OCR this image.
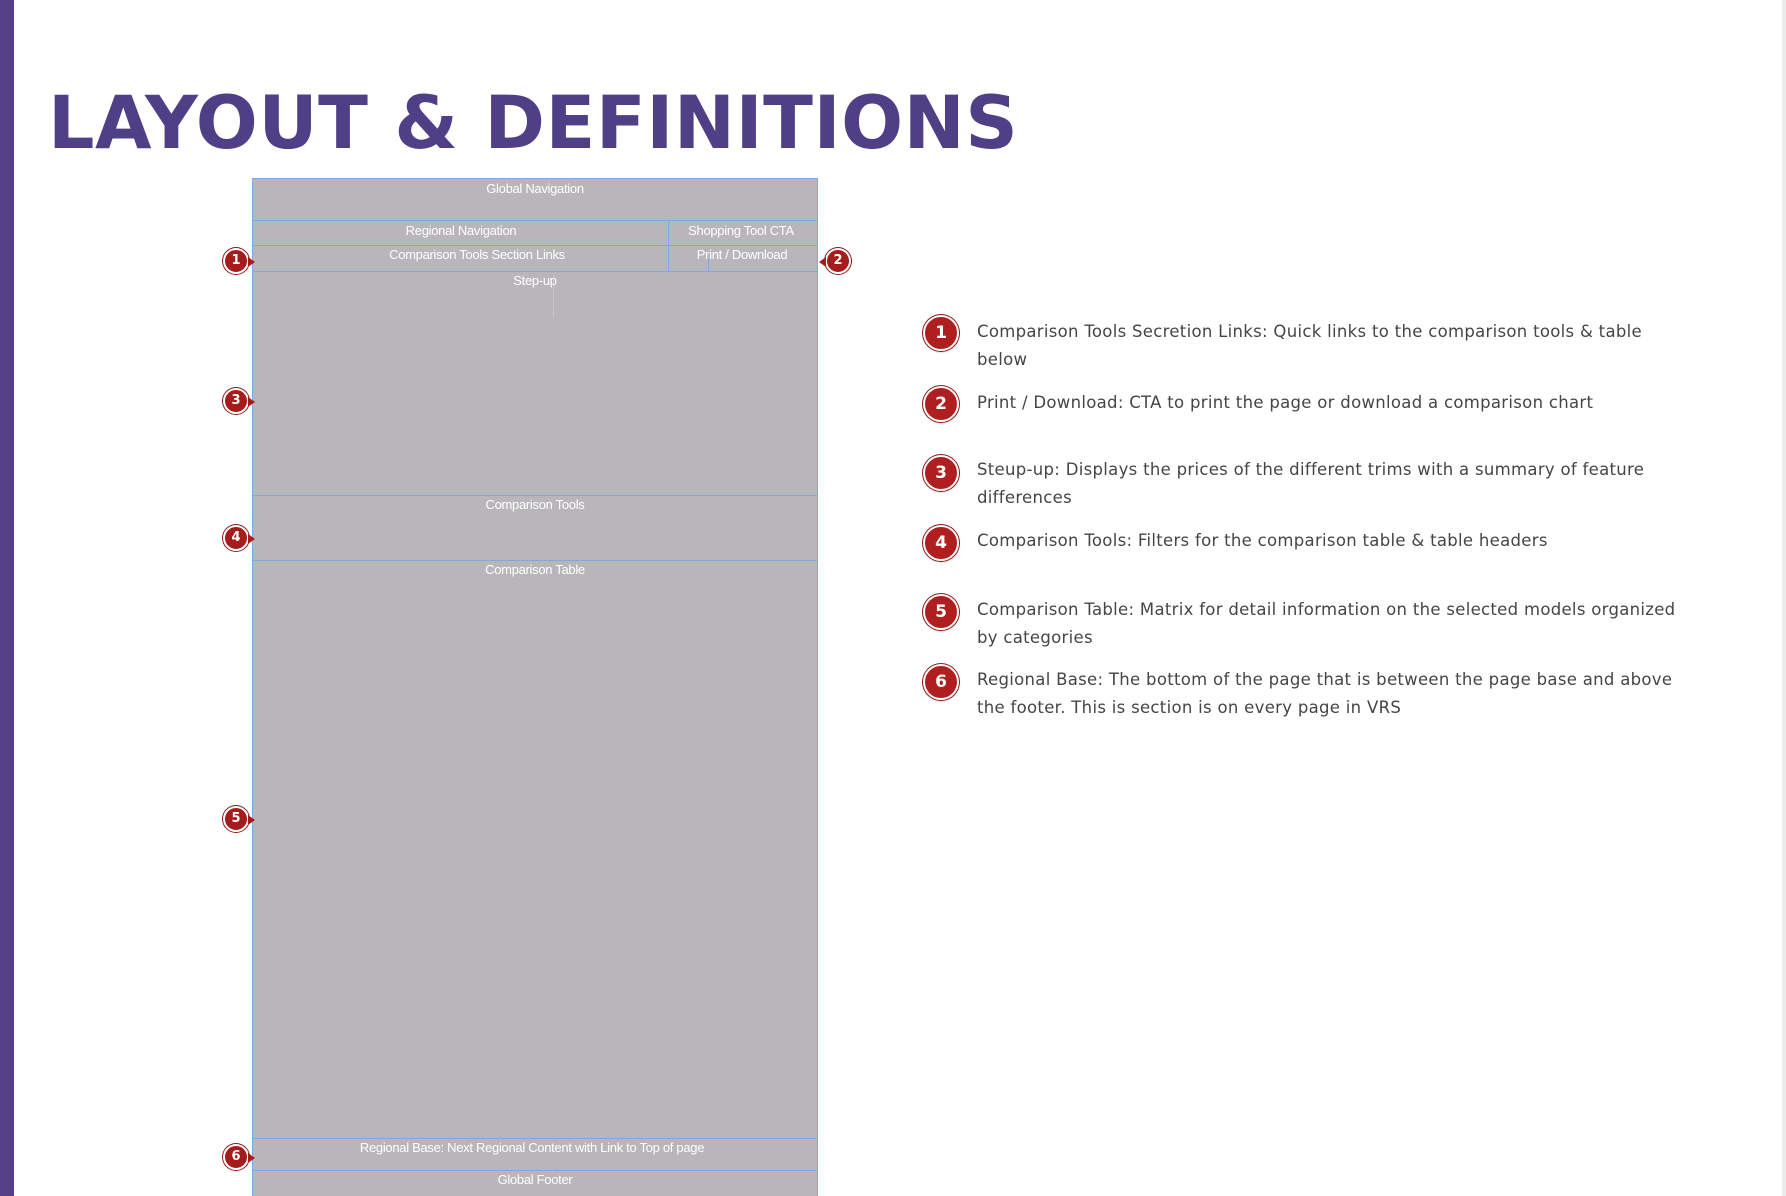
LAYOUT & DEFINITIONS
Global Navigation
Regional Navigation	Shopping Tool CTA
Comparison Tools Section Links	Print / Download
Step-up
Comparison Tools
Comparison Table
Regional Base: Next Regional Content with Link to Top of page
Global Footer
1	2
3
4
5
6
1	Comparison Tools Secretion Links: Quick links to the comparison tools & table below
2	Print / Download: CTA to print the page or download a comparison chart
3	Steup-up: Displays the prices of the different trims with a summary of feature differences
4	Comparison Tools: Filters for the comparison table & table headers
5	Comparison Table: Matrix for detail information on the selected models organized by categories
6	Regional Base: The bottom of the page that is between the page base and above the footer. This is section is on every page in VRS
